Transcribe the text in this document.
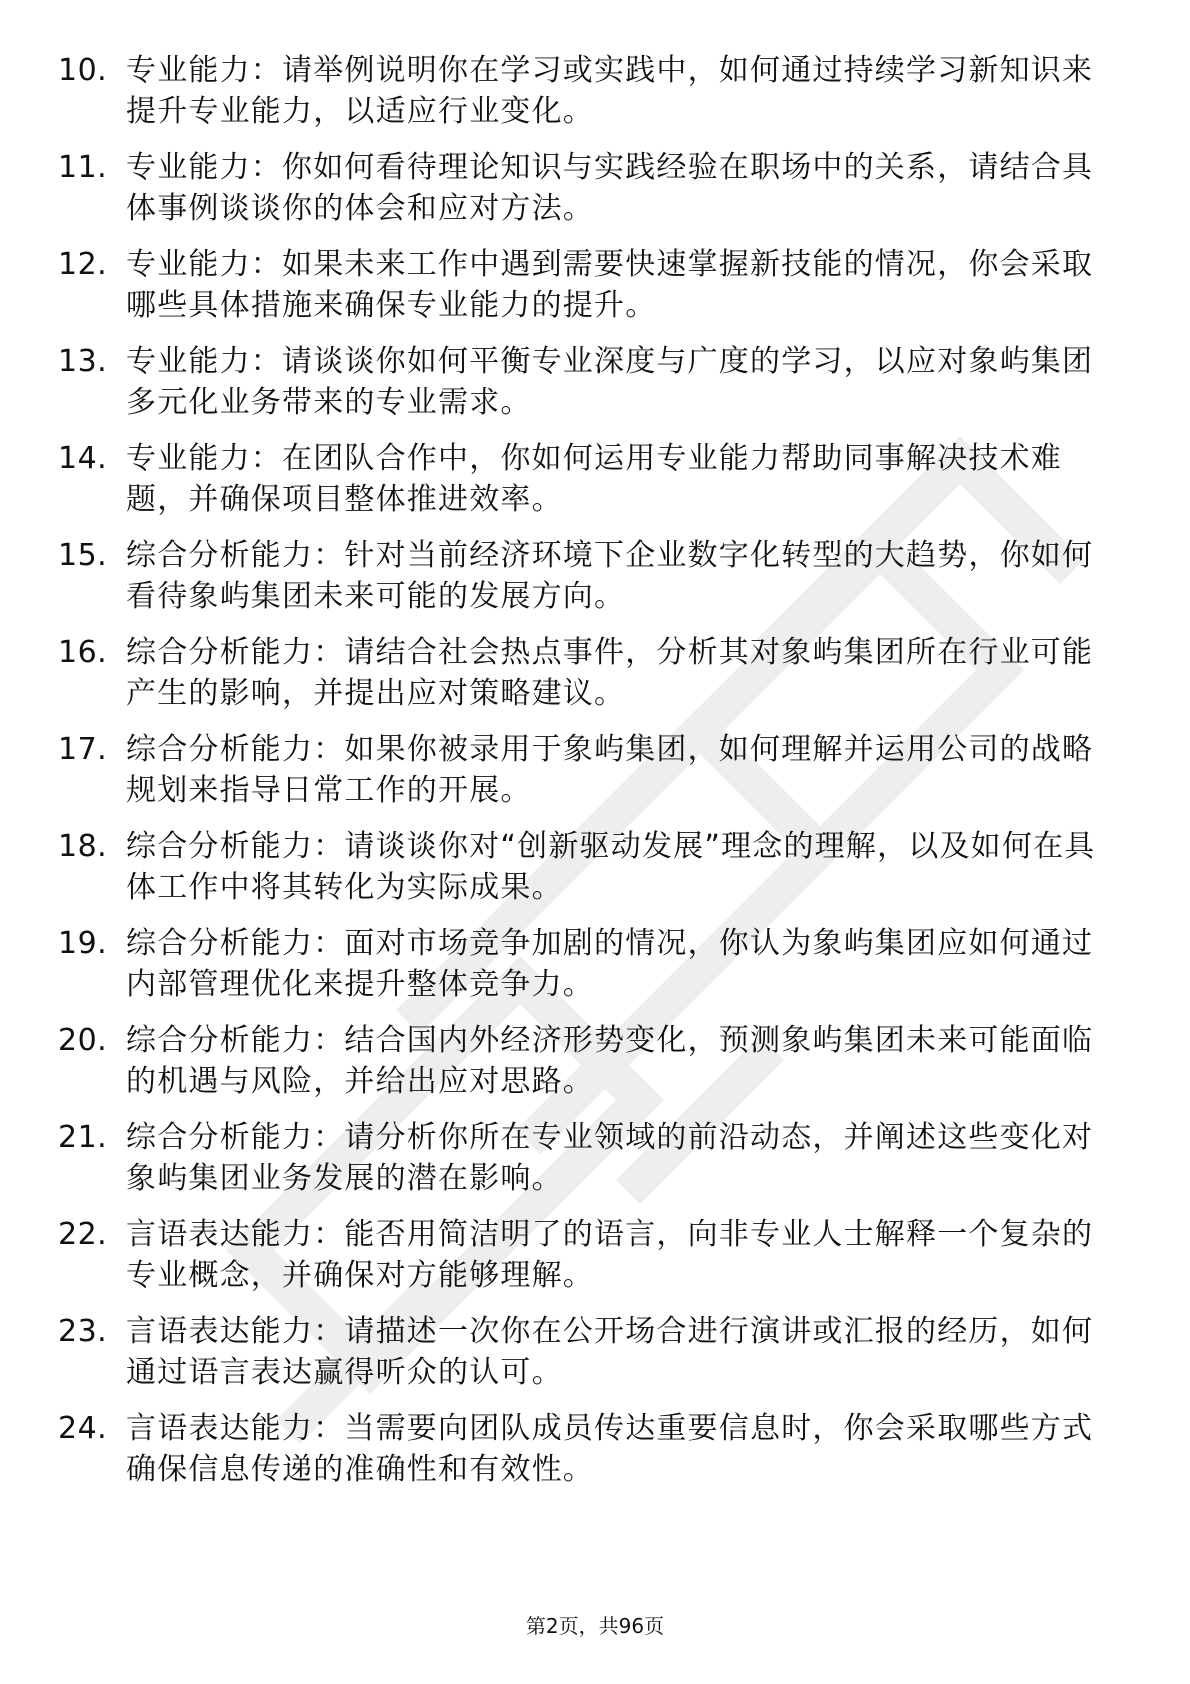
10. 专业能力：请举例说明你在学习或实践中，如何通过持续学习新知识来提升专业能力，以适应行业变化。
11. 专业能力：你如何看待理论知识与实践经验在职场中的关系，请结合具体事例谈谈你的体会和应对方法。
12. 专业能力：如果未来工作中遇到需要快速掌握新技能的情况，你会采取哪些具体措施来确保专业能力的提升。
13. 专业能力：请谈谈你如何平衡专业深度与广度的学习，以应对象屿集团多元化业务带来的专业需求。
14. 专业能力：在团队合作中，你如何运用专业能力帮助同事解决技术难题，并确保项目整体推进效率。
15. 综合分析能力：针对当前经济环境下企业数字化转型的大趋势，你如何看待象屿集团未来可能的发展方向。
16. 综合分析能力：请结合社会热点事件，分析其对象屿集团所在行业可能产生的影响，并提出应对策略建议。
17. 综合分析能力：如果你被录用于象屿集团，如何理解并运用公司的战略规划来指导日常工作的开展。
18. 综合分析能力：请谈谈你对“创新驱动发展”理念的理解，以及如何在具体工作中将其转化为实际成果。
19. 综合分析能力：面对市场竞争加剧的情况，你认为象屿集团应如何通过内部管理优化来提升整体竞争力。
20. 综合分析能力：结合国内外经济形势变化，预测象屿集团未来可能面临的机遇与风险，并给出应对思路。
21. 综合分析能力：请分析你所在专业领域的前沿动态，并阐述这些变化对象屿集团业务发展的潜在影响。
22. 言语表达能力：能否用简洁明了的语言，向非专业人士解释一个复杂的专业概念，并确保对方能够理解。
23. 言语表达能力：请描述一次你在公开场合进行演讲或汇报的经历，如何通过语言表达赢得听众的认可。
24. 言语表达能力：当需要向团队成员传达重要信息时，你会采取哪些方式确保信息传递的准确性和有效性。
第2页，共96页
